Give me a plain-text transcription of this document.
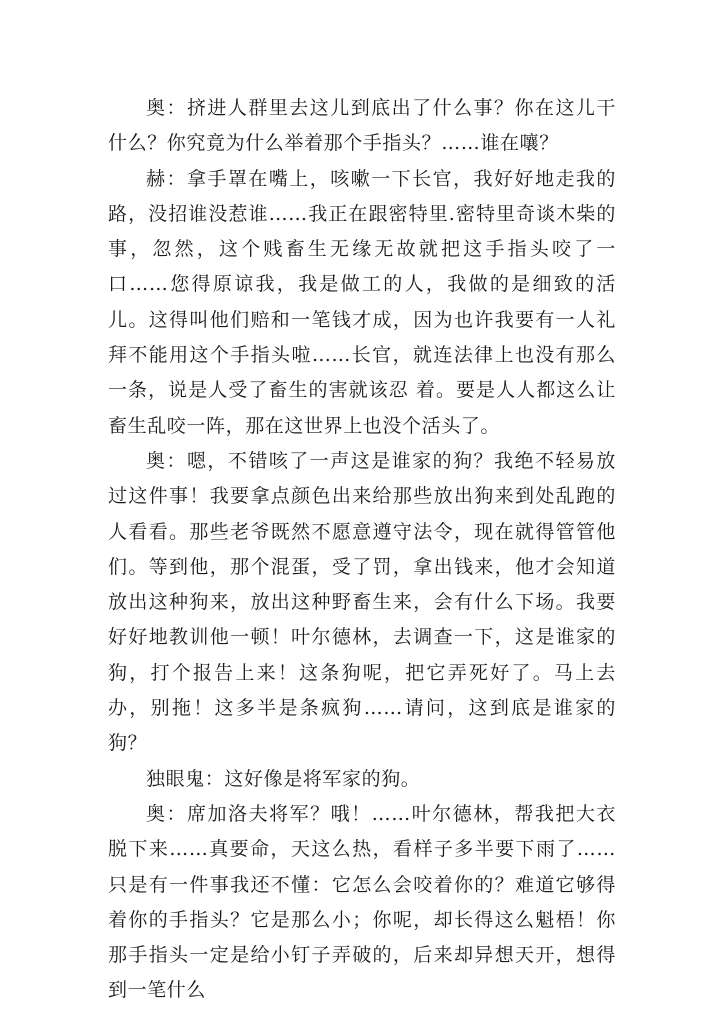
奥：挤进人群里去这儿到底出了什么事？你在这儿干什么？你究竟为什么举着那个手指头？……谁在嚷？

赫：拿手罩在嘴上，咳嗽一下长官，我好好地走我的路，没招谁没惹谁……我正在跟密特里.密特里奇谈木柴的事，忽然，这个贱畜生无缘无故就把这手指头咬了一口……您得原谅我，我是做工的人，我做的是细致的活儿。这得叫他们赔和一笔钱才成，因为也许我要有一人礼拜不能用这个手指头啦……长官，就连法律上也没有那么一条，说是人受了畜生的害就该忍 着。要是人人都这么让畜生乱咬一阵，那在这世界上也没个活头了。

奥：嗯，不错咳了一声这是谁家的狗？我绝不轻易放过这件事！我要拿点颜色出来给那些放出狗来到处乱跑的人看看。那些老爷既然不愿意遵守法令，现在就得管管他们。等到他，那个混蛋，受了罚，拿出钱来，他才会知道放出这种狗来，放出这种野畜生来，会有什么下场。我要好好地教训他一顿！叶尔德林，去调查一下，这是谁家的狗，打个报告上来！这条狗呢，把它弄死好了。马上去办，别拖！这多半是条疯狗……请问，这到底是谁家的狗？

独眼鬼：这好像是将军家的狗。

奥：席加洛夫将军？哦！……叶尔德林，帮我把大衣脱下来……真要命，天这么热，看样子多半要下雨了……只是有一件事我还不懂：它怎么会咬着你的？难道它够得着你的手指头？它是那么小；你呢，却长得这么魁梧！你那手指头一定是给小钉子弄破的，后来却异想天开，想得到一笔什么
